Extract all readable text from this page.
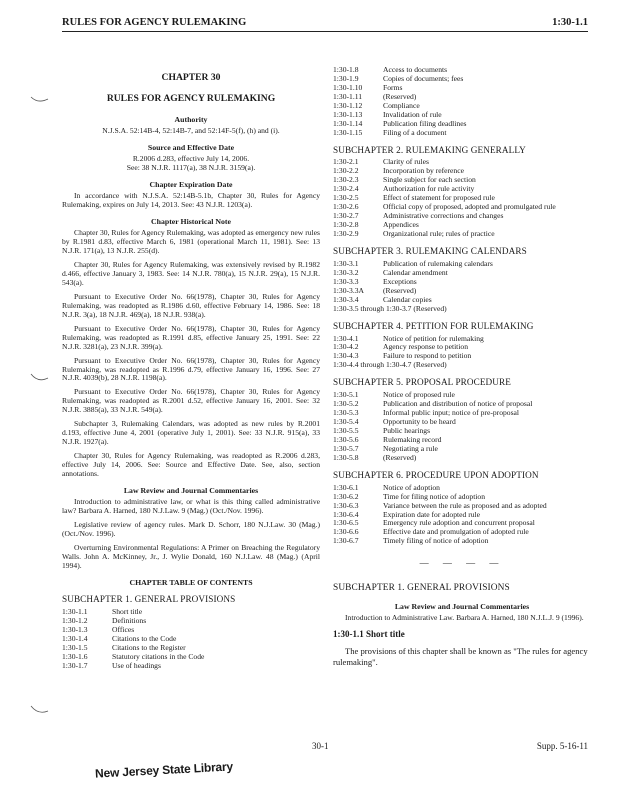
RULES FOR AGENCY RULEMAKING	1:30-1.1
CHAPTER 30
RULES FOR AGENCY RULEMAKING
Authority

N.J.S.A. 52:14B-4, 52:14B-7, and 52:14F-5(f), (h) and (i).

Source and Effective Date

R.2006 d.283, effective July 14, 2006.

See: 38 N.J.R. 1117(a), 38 N.J.R. 3159(a).

Chapter Expiration Date

In accordance with N.J.S.A. 52:14B-5.1b, Chapter 30, Rules for Agency Rulemaking, expires on July 14, 2013. See: 43 N.J.R. 1203(a).

Chapter Historical Note

Chapter 30, Rules for Agency Rulemaking, was adopted as emergency new rules by R.1981 d.83, effective March 6, 1981 (operational March 11, 1981). See: 13 N.J.R. 171(a), 13 N.J.R. 255(d).

Chapter 30, Rules for Agency Rulemaking, was extensively revised by R.1982 d.466, effective January 3, 1983. See: 14 N.J.R. 780(a), 15 N.J.R. 29(a), 15 N.J.R. 543(a).

Pursuant to Executive Order No. 66(1978), Chapter 30, Rules for Agency Rulemaking, was readopted as R.1986 d.60, effective February 14, 1986. See: 18 N.J.R. 3(a), 18 N.J.R. 469(a), 18 N.J.R. 938(a).

Pursuant to Executive Order No. 66(1978), Chapter 30, Rules for Agency Rulemaking, was readopted as R.1991 d.85, effective January 25, 1991. See: 22 N.J.R. 3281(a), 23 N.J.R. 399(a).

Pursuant to Executive Order No. 66(1978), Chapter 30, Rules for Agency Rulemaking, was readopted as R.1996 d.79, effective January 16, 1996. See: 27 N.J.R. 4039(b), 28 N.J.R. 1198(a).

Pursuant to Executive Order No. 66(1978), Chapter 30, Rules for Agency Rulemaking, was readopted as R.2001 d.52, effective January 16, 2001. See: 32 N.J.R. 3885(a), 33 N.J.R. 549(a).

Subchapter 3, Rulemaking Calendars, was adopted as new rules by R.2001 d.193, effective June 4, 2001 (operative July 1, 2001). See: 33 N.J.R. 915(a), 33 N.J.R. 1927(a).

Chapter 30, Rules for Agency Rulemaking, was readopted as R.2006 d.283, effective July 14, 2006. See: Source and Effective Date. See, also, section annotations.

Law Review and Journal Commentaries

Introduction to administrative law, or what is this thing called administrative law? Barbara A. Harned, 180 N.J.Law. 9 (Mag.) (Oct./Nov. 1996).

Legislative review of agency rules. Mark D. Schorr, 180 N.J.Law. 30 (Mag.) (Oct./Nov. 1996).

Overturning Environmental Regulations: A Primer on Breaching the Regulatory Walls. John A. McKinney, Jr., J. Wylie Donald, 160 N.J.Law. 48 (Mag.) (April 1994).

CHAPTER TABLE OF CONTENTS
SUBCHAPTER 1. GENERAL PROVISIONS
1:30-1.1	Short title
1:30-1.2	Definitions
1:30-1.3	Offices
1:30-1.4	Citations to the Code
1:30-1.5	Citations to the Register
1:30-1.6	Statutory citations in the Code
1:30-1.7	Use of headings
1:30-1.8	Access to documents
1:30-1.9	Copies of documents; fees
1:30-1.10	Forms
1:30-1.11	(Reserved)
1:30-1.12	Compliance
1:30-1.13	Invalidation of rule
1:30-1.14	Publication filing deadlines
1:30-1.15	Filing of a document
SUBCHAPTER 2. RULEMAKING GENERALLY
1:30-2.1	Clarity of rules
1:30-2.2	Incorporation by reference
1:30-2.3	Single subject for each section
1:30-2.4	Authorization for rule activity
1:30-2.5	Effect of statement for proposed rule
1:30-2.6	Official copy of proposed, adopted and promulgated rule
1:30-2.7	Administrative corrections and changes
1:30-2.8	Appendices
1:30-2.9	Organizational rule; rules of practice
SUBCHAPTER 3. RULEMAKING CALENDARS
1:30-3.1	Publication of rulemaking calendars
1:30-3.2	Calendar amendment
1:30-3.3	Exceptions
1:30-3.3A	(Reserved)
1:30-3.4	Calendar copies
1:30-3.5 through 1:30-3.7 (Reserved)
SUBCHAPTER 4. PETITION FOR RULEMAKING
1:30-4.1	Notice of petition for rulemaking
1:30-4.2	Agency response to petition
1:30-4.3	Failure to respond to petition
1:30-4.4 through 1:30-4.7 (Reserved)
SUBCHAPTER 5. PROPOSAL PROCEDURE
1:30-5.1	Notice of proposed rule
1:30-5.2	Publication and distribution of notice of proposal
1:30-5.3	Informal public input; notice of pre-proposal
1:30-5.4	Opportunity to be heard
1:30-5.5	Public hearings
1:30-5.6	Rulemaking record
1:30-5.7	Negotiating a rule
1:30-5.8	(Reserved)
SUBCHAPTER 6. PROCEDURE UPON ADOPTION
1:30-6.1	Notice of adoption
1:30-6.2	Time for filing notice of adoption
1:30-6.3	Variance between the rule as proposed and as adopted
1:30-6.4	Expiration date for adopted rule
1:30-6.5	Emergency rule adoption and concurrent proposal
1:30-6.6	Effective date and promulgation of adopted rule
1:30-6.7	Timely filing of notice of adoption
— — — —
SUBCHAPTER 1. GENERAL PROVISIONS
Law Review and Journal Commentaries

Introduction to Administrative Law. Barbara A. Harned, 180 N.J.L.J. 9 (1996).

1:30-1.1 Short title

The provisions of this chapter shall be known as "The rules for agency rulemaking".

30-1	Supp. 5-16-11
New Jersey State Library
